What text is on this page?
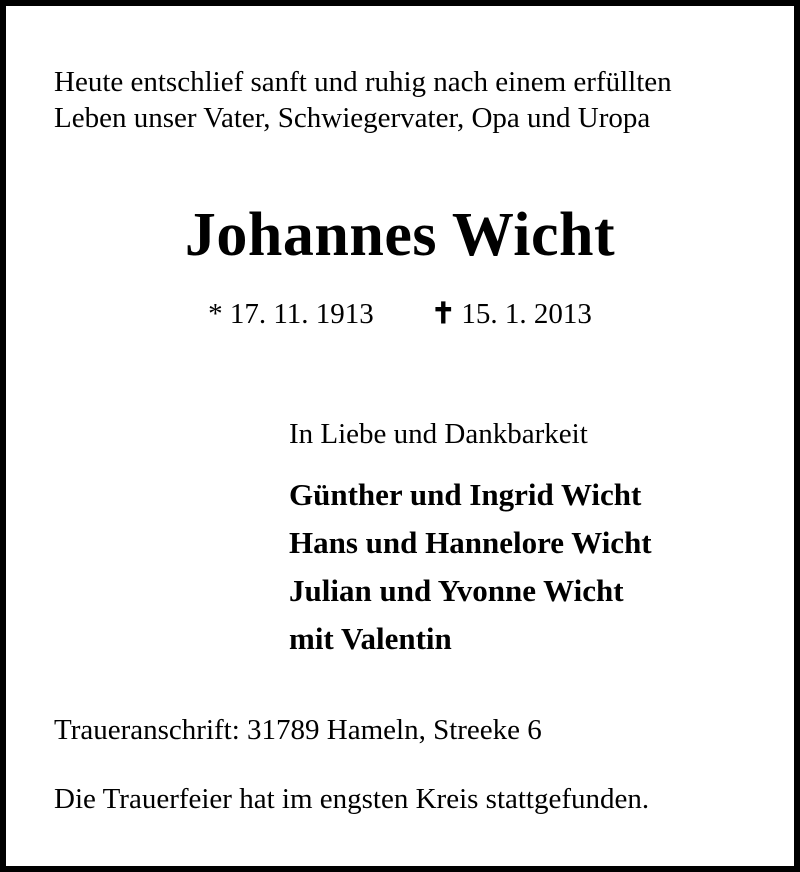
Heute entschlief sanft und ruhig nach einem erfüllten
Leben unser Vater, Schwiegervater, Opa und Uropa

Johannes Wicht
* 17. 11. 1913 ✝ 15. 1. 2013
In Liebe und Dankbarkeit
Günther und Ingrid Wicht
Hans und Hannelore Wicht
Julian und Yvonne Wicht
mit Valentin
Traueranschrift: 31789 Hameln, Streeke 6
Die Trauerfeier hat im engsten Kreis stattgefunden.
